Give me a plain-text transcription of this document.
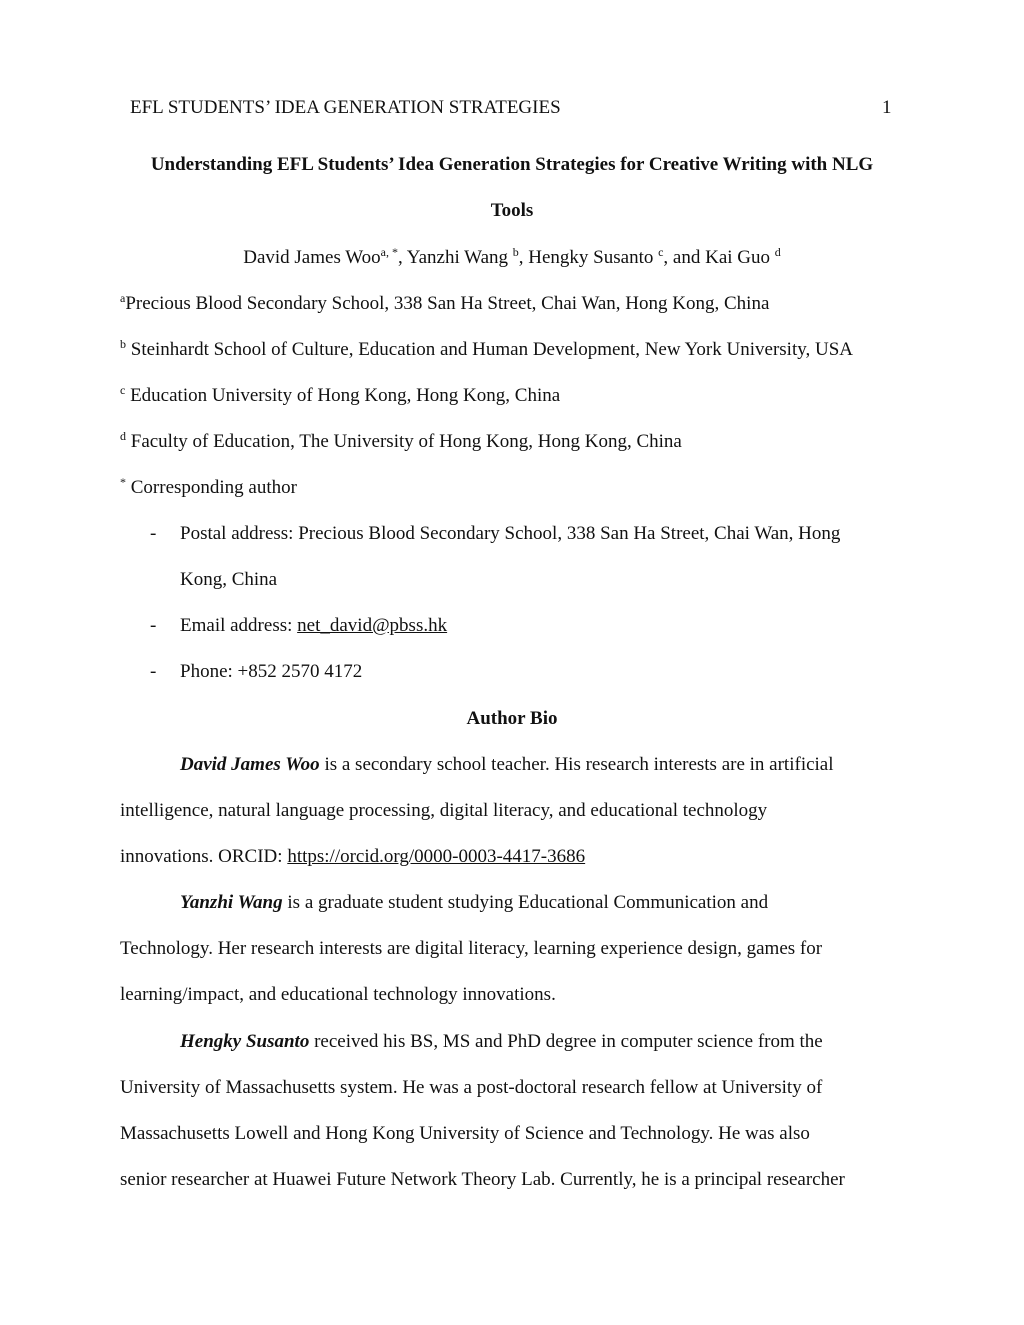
EFL STUDENTS’ IDEA GENERATION STRATEGIES	1
Understanding EFL Students’ Idea Generation Strategies for Creative Writing with NLG
Tools
David James Woo$^{a, *}$, Yanzhi Wang $^b$, Hengky Susanto $^c$, and Kai Guo $^d$
$^a$Precious Blood Secondary School, 338 San Ha Street, Chai Wan, Hong Kong, China
$^b$ Steinhardt School of Culture, Education and Human Development, New York University, USA
$^c$ Education University of Hong Kong, Hong Kong, China
$^d$ Faculty of Education, The University of Hong Kong, Hong Kong, China
* Corresponding author
- Postal address: Precious Blood Secondary School, 338 San Ha Street, Chai Wan, Hong
Kong, China
- Email address: net_david@pbss.hk
- Phone: +852 2570 4172
Author Bio
David James Woo is a secondary school teacher. His research interests are in artificial
intelligence, natural language processing, digital literacy, and educational technology
innovations. ORCID: https://orcid.org/0000-0003-4417-3686
Yanzhi Wang is a graduate student studying Educational Communication and
Technology. Her research interests are digital literacy, learning experience design, games for
learning/impact, and educational technology innovations.
Hengky Susanto received his BS, MS and PhD degree in computer science from the
University of Massachusetts system. He was a post-doctoral research fellow at University of
Massachusetts Lowell and Hong Kong University of Science and Technology. He was also
senior researcher at Huawei Future Network Theory Lab. Currently, he is a principal researcher
